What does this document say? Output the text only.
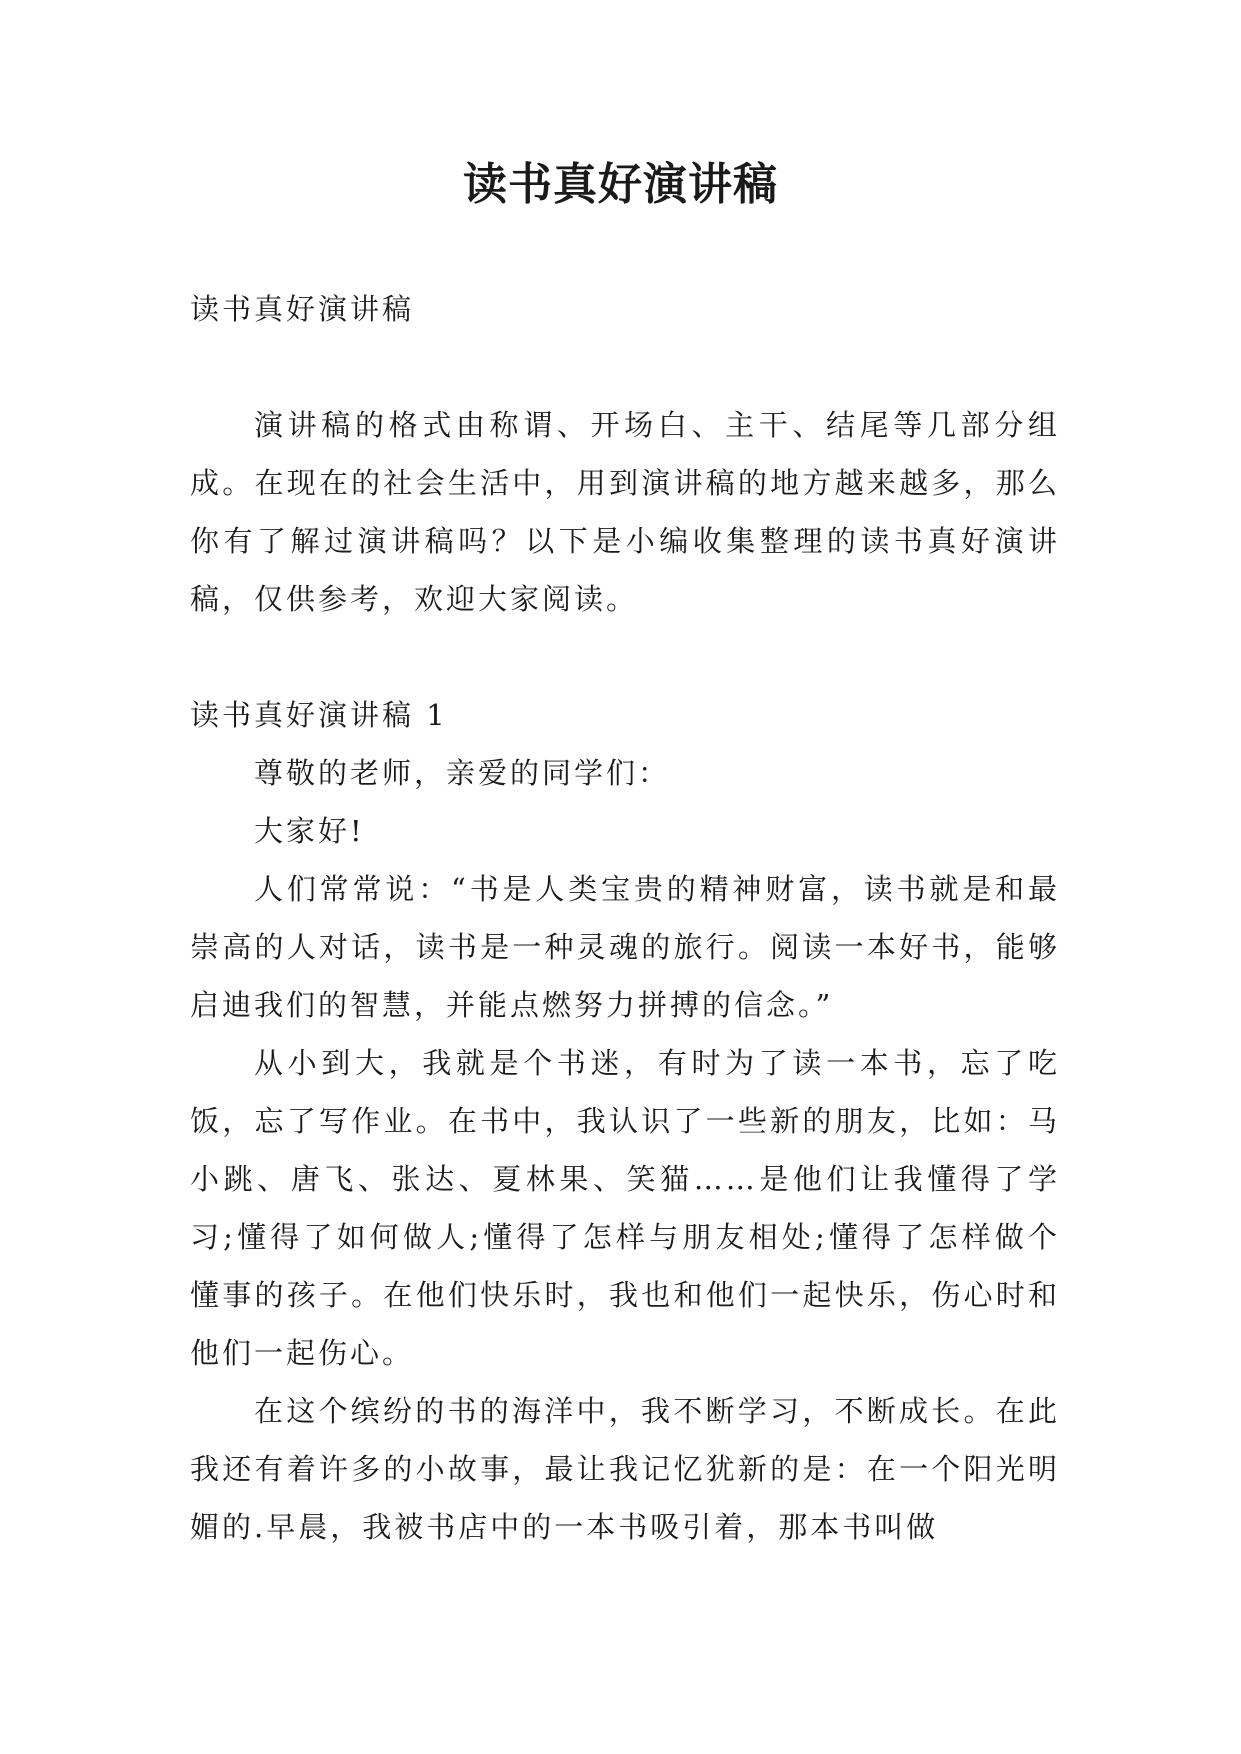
读书真好演讲稿

读书真好演讲稿

演讲稿的格式由称谓、开场白、主干、结尾等几部分组成。在现在的社会生活中，用到演讲稿的地方越来越多，那么你有了解过演讲稿吗？以下是小编收集整理的读书真好演讲稿，仅供参考，欢迎大家阅读。

读书真好演讲稿 1

尊敬的老师，亲爱的同学们：

大家好!

人们常常说：“书是人类宝贵的精神财富，读书就是和最崇高的人对话，读书是一种灵魂的旅行。阅读一本好书，能够启迪我们的智慧，并能点燃努力拼搏的信念。”

从小到大，我就是个书迷，有时为了读一本书，忘了吃饭，忘了写作业。在书中，我认识了一些新的朋友，比如：马小跳、唐飞、张达、夏林果、笑猫……是他们让我懂得了学习;懂得了如何做人;懂得了怎样与朋友相处;懂得了怎样做个懂事的孩子。在他们快乐时，我也和他们一起快乐，伤心时和他们一起伤心。

在这个缤纷的书的海洋中，我不断学习，不断成长。在此我还有着许多的小故事，最让我记忆犹新的是：在一个阳光明媚的.早晨，我被书店中的一本书吸引着，那本书叫做
